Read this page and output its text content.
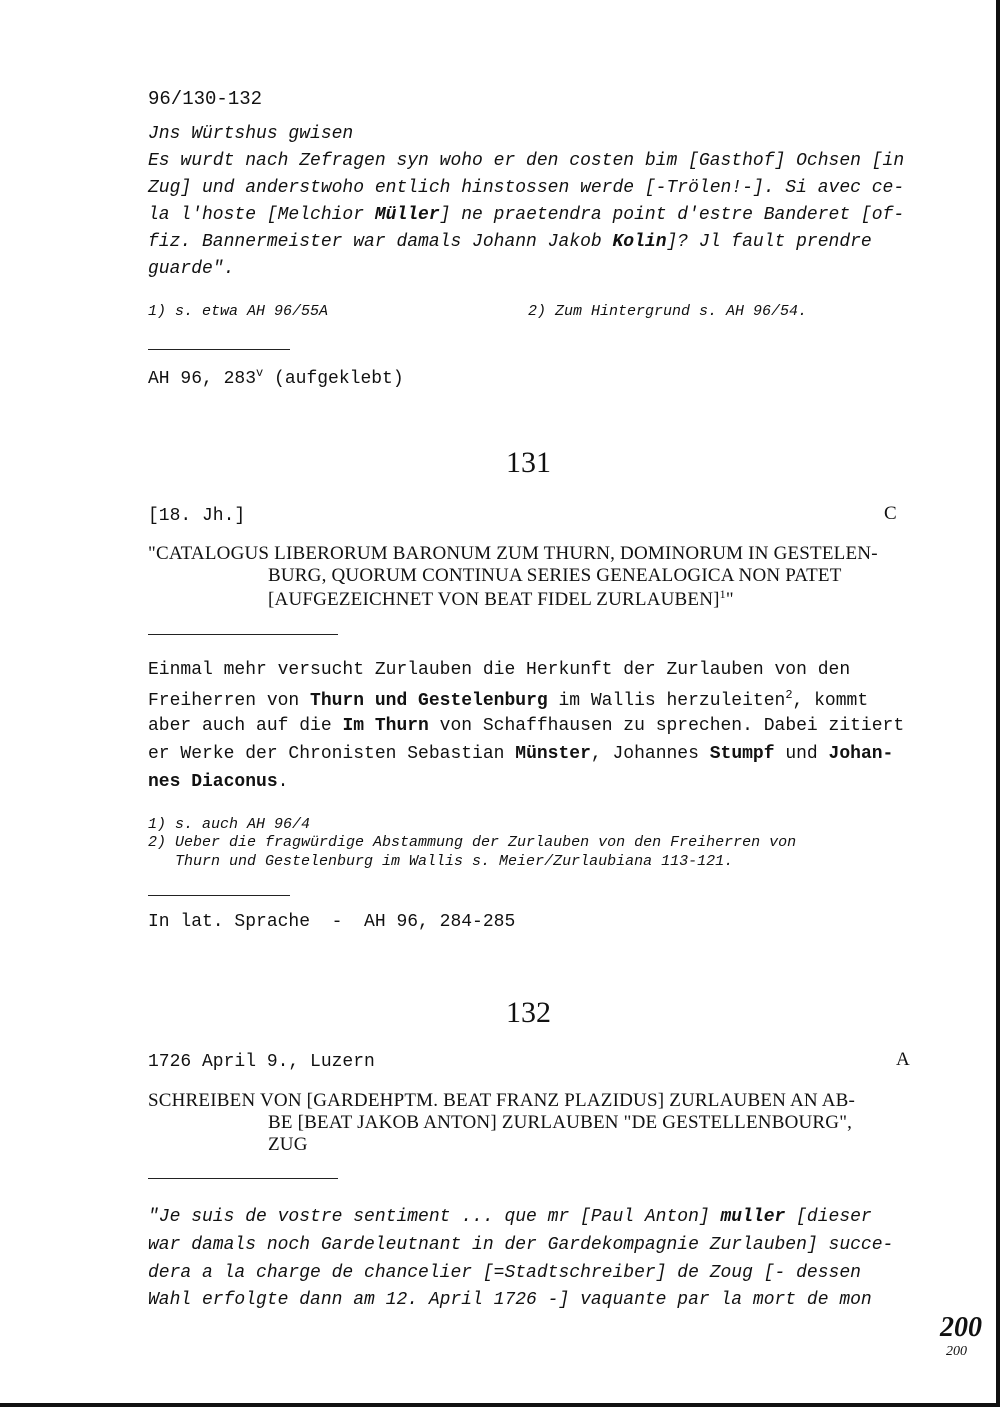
96/130-132
Jns Würtshus gwisen
Es wurdt nach Zefragen syn woho er den costen bim [Gasthof] Ochsen [in
Zug] und anderstwoho entlich hinstossen werde [-Trölen!-]. Si avec ce-
la l'hoste [Melchior Müller] ne praetendra point d'estre Banderet [of-
fiz. Bannermeister war damals Johann Jakob Kolin]? Jl fault prendre
guarde".
1) s. etwa AH 96/55A	2) Zum Hintergrund s. AH 96/54.
AH 96, 283$^v$ (aufgeklebt)
131
[18. Jh.]	C
"CATALOGUS LIBERORUM BARONUM ZUM THURN, DOMINORUM IN GESTELEN-
BURG, QUORUM CONTINUA SERIES GENEALOGICA NON PATET
[AUFGEZEICHNET VON BEAT FIDEL ZURLAUBEN]$^1$"
Einmal mehr versucht Zurlauben die Herkunft der Zurlauben von den
Freiherren von Thurn und Gestelenburg im Wallis herzuleiten$^2$, kommt
aber auch auf die Im Thurn von Schaffhausen zu sprechen. Dabei zitiert
er Werke der Chronisten Sebastian Münster, Johannes Stumpf und Johan-
nes Diaconus.
1) s. auch AH 96/4
2) Ueber die fragwürdige Abstammung der Zurlauben von den Freiherren von
Thurn und Gestelenburg im Wallis s. Meier/Zurlaubiana 113-121.
In lat. Sprache  -  AH 96, 284-285
132
1726 April 9., Luzern	A
SCHREIBEN VON [GARDEHPTM. BEAT FRANZ PLAZIDUS] ZURLAUBEN AN AB-
BE [BEAT JAKOB ANTON] ZURLAUBEN "DE GESTELLENBOURG",
ZUG
"Je suis de vostre sentiment ... que mr [Paul Anton] muller [dieser
war damals noch Gardeleutnant in der Gardekompagnie Zurlauben] succe-
dera a la charge de chancelier [=Stadtschreiber] de Zoug [- dessen
Wahl erfolgte dann am 12. April 1726 -] vaquante par la mort de mon
200
200
